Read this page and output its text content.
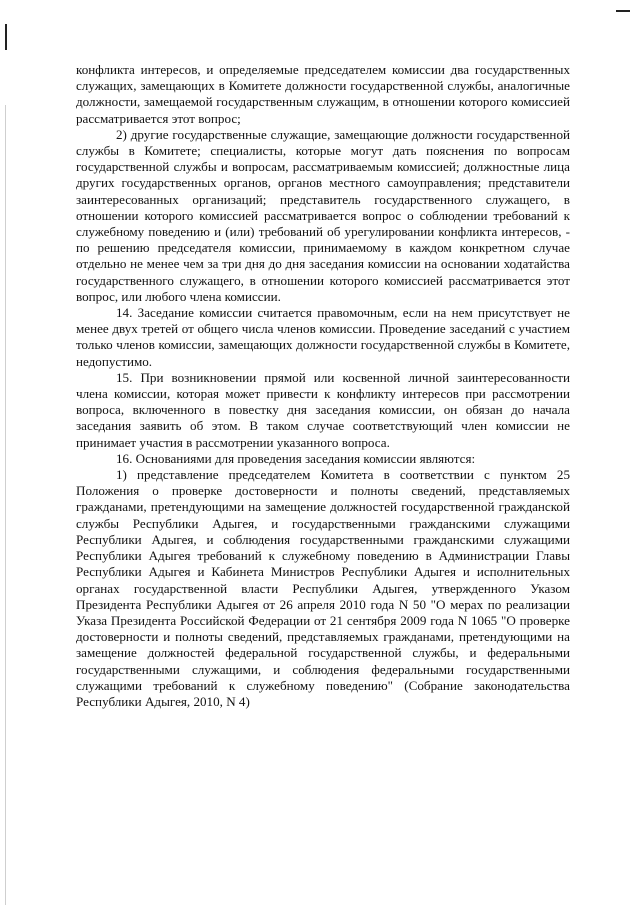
конфликта интересов, и определяемые председателем комиссии два государственных служащих, замещающих в Комитете должности государственной службы, аналогичные должности, замещаемой государственным служащим, в отношении которого комиссией рассматривается этот вопрос;

2) другие государственные служащие, замещающие должности государственной службы в Комитете; специалисты, которые могут дать пояснения по вопросам государственной службы и вопросам, рассматриваемым комиссией; должностные лица других государственных органов, органов местного самоуправления; представители заинтересованных организаций; представитель государственного служащего, в отношении которого комиссией рассматривается вопрос о соблюдении требований к служебному поведению и (или) требований об урегулировании конфликта интересов, - по решению председателя комиссии, принимаемому в каждом конкретном случае отдельно не менее чем за три дня до дня заседания комиссии на основании ходатайства государственного служащего, в отношении которого комиссией рассматривается этот вопрос, или любого члена комиссии.

14. Заседание комиссии считается правомочным, если на нем присутствует не менее двух третей от общего числа членов комиссии. Проведение заседаний с участием только членов комиссии, замещающих должности государственной службы в Комитете, недопустимо.

15. При возникновении прямой или косвенной личной заинтересованности члена комиссии, которая может привести к конфликту интересов при рассмотрении вопроса, включенного в повестку дня заседания комиссии, он обязан до начала заседания заявить об этом. В таком случае соответствующий член комиссии не принимает участия в рассмотрении указанного вопроса.

16. Основаниями для проведения заседания комиссии являются:

1) представление председателем Комитета в соответствии с пунктом 25 Положения о проверке достоверности и полноты сведений, представляемых гражданами, претендующими на замещение должностей государственной гражданской службы Республики Адыгея, и государственными гражданскими служащими Республики Адыгея, и соблюдения государственными гражданскими служащими Республики Адыгея требований к служебному поведению в Администрации Главы Республики Адыгея и Кабинета Министров Республики Адыгея и исполнительных органах государственной власти Республики Адыгея, утвержденного Указом Президента Республики Адыгея от 26 апреля 2010 года N 50 "О мерах по реализации Указа Президента Российской Федерации от 21 сентября 2009 года N 1065 "О проверке достоверности и полноты сведений, представляемых гражданами, претендующими на замещение должностей федеральной государственной службы, и федеральными государственными служащими, и соблюдения федеральными государственными служащими требований к служебному поведению" (Собрание законодательства Республики Адыгея, 2010, N 4)
